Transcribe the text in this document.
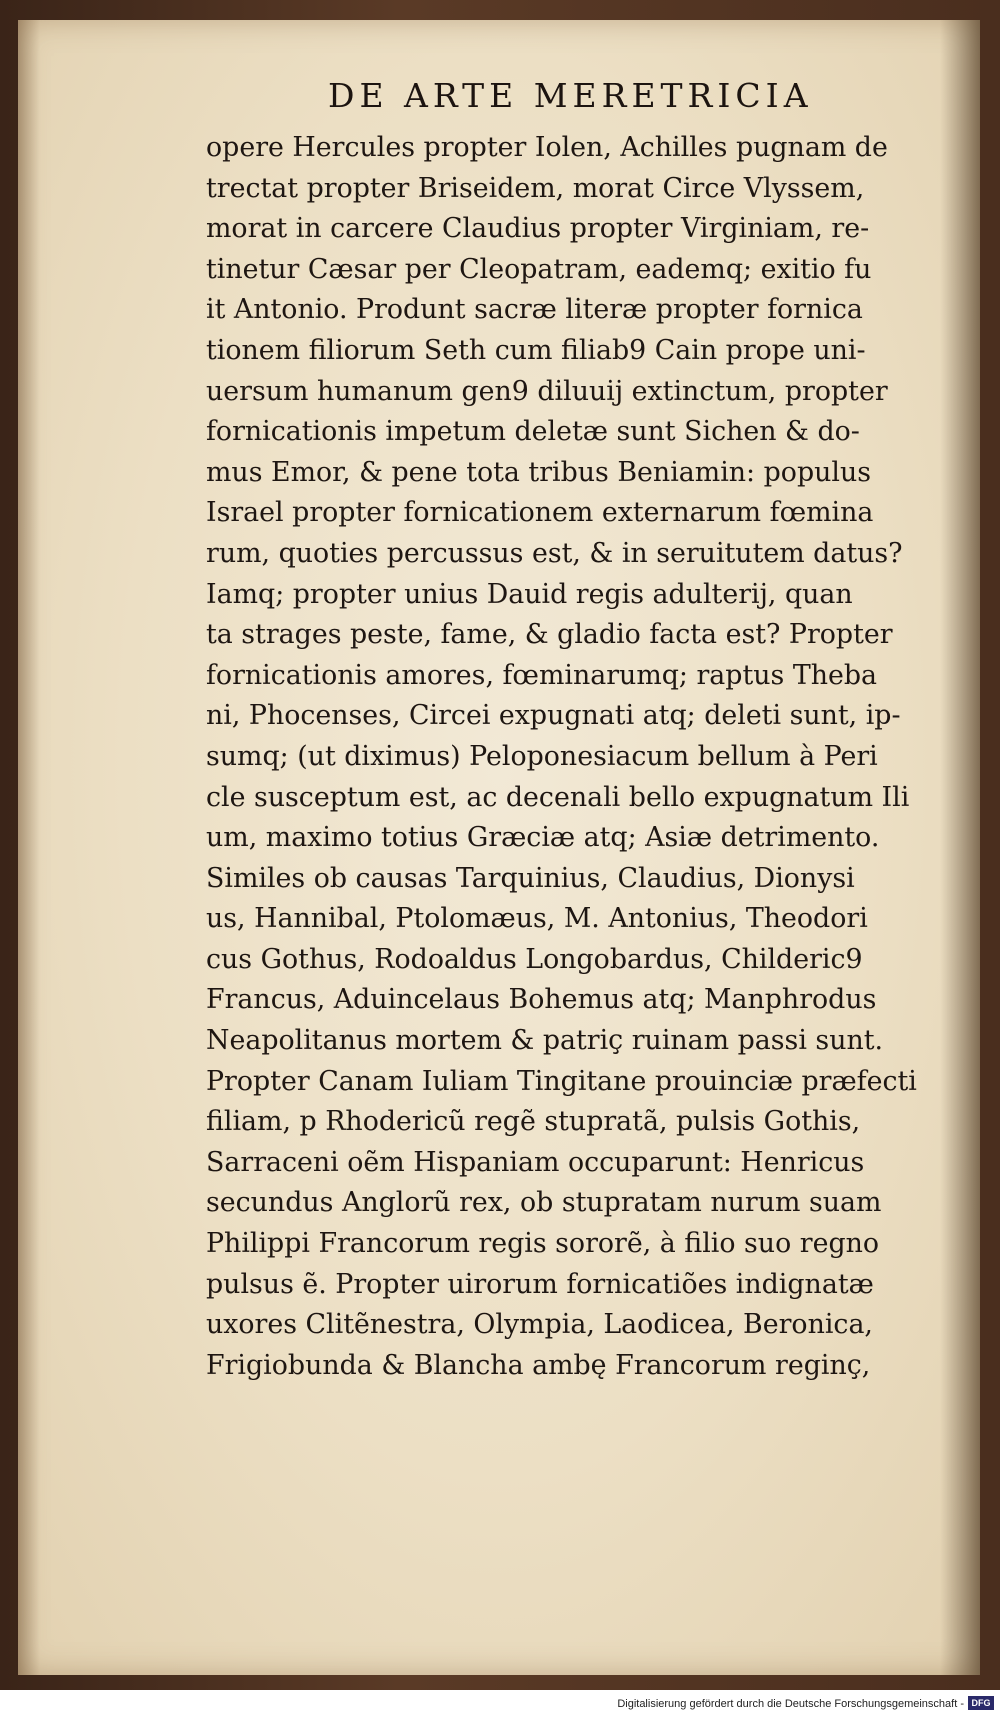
DE ARTE MERETRICIA
opere Hercules propter Iolen, Achilles pugnam de
trectat propter Briseidem, morat Circe Vlyssem,
morat in carcere Claudius propter Virginiam, re-
tinetur Cæsar per Cleopatram, eademq; exitio fu
it Antonio. Produnt sacræ literæ propter fornica
tionem filiorum Seth cum filiab9 Cain prope uni-
uersum humanum gen9 diluuij extinctum, propter
fornicationis impetum deletæ sunt Sichen & do-
mus Emor, & pene tota tribus Beniamin: populus
Israel propter fornicationem externarum fœmina
rum, quoties percussus est, & in seruitutem datus?
Iamq; propter unius Dauid regis adulterij, quan
ta strages peste, fame, & gladio facta est? Propter
fornicationis amores, fœminarumq; raptus Theba
ni, Phocenses, Circei expugnati atq; deleti sunt, ip-
sumq; (ut diximus) Peloponesiacum bellum à Peri
cle susceptum est, ac decenali bello expugnatum Ili
um, maximo totius Græciæ atq; Asiæ detrimento.
Similes ob causas Tarquinius, Claudius, Dionysi
us, Hannibal, Ptolomæus, M. Antonius, Theodori
cus Gothus, Rodoaldus Longobardus, Childeric9
Francus, Aduincelaus Bohemus atq; Manphrodus
Neapolitanus mortem & patriç ruinam passi sunt.
Propter Canam Iuliam Tingitane prouinciæ præfecti
filiam, p Rhodericũ regẽ stupratã, pulsis Gothis,
Sarraceni oẽm Hispaniam occuparunt: Henricus
secundus Anglorũ rex, ob stupratam nurum suam
Philippi Francorum regis sororẽ, à filio suo regno
pulsus ẽ. Propter uirorum fornicatiões indignatæ
uxores Clitẽnestra, Olympia, Laodicea, Beronica,
Frigiobunda & Blancha ambę Francorum reginç,
Digitalisierung gefördert durch die Deutsche Forschungsgemeinschaft - DFG
